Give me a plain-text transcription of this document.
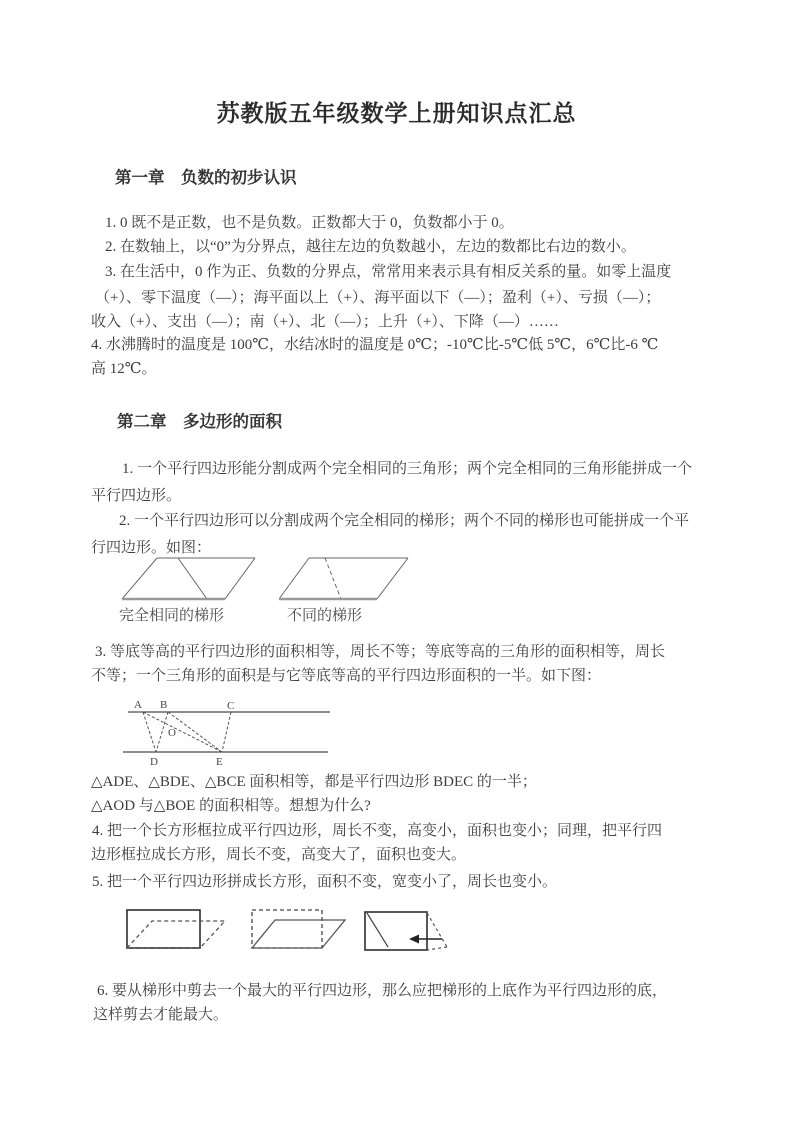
苏教版五年级数学上册知识点汇总
第一章　负数的初步认识
1. 0 既不是正数，也不是负数。正数都大于 0，负数都小于 0。
2. 在数轴上，以“0”为分界点，越往左边的负数越小，左边的数都比右边的数小。
3. 在生活中，0 作为正、负数的分界点，常常用来表示具有相反关系的量。如零上温度
（+）、零下温度（—）；海平面以上（+）、海平面以下（—）；盈利（+）、亏损（—）；
收入（+）、支出（—）；南（+）、北（—）；上升（+）、下降（—）……
4. 水沸腾时的温度是 100℃，水结冰时的温度是 0℃；-10℃比-5℃低 5℃，6℃比-6 ℃
高 12℃。
第二章　多边形的面积
1. 一个平行四边形能分割成两个完全相同的三角形；两个完全相同的三角形能拼成一个
平行四边形。
2. 一个平行四边形可以分割成两个完全相同的梯形；两个不同的梯形也可能拼成一个平
行四边形。如图：
完全相同的梯形	不同的梯形
3. 等底等高的平行四边形的面积相等，周长不等；等底等高的三角形的面积相等，周长
不等；一个三角形的面积是与它等底等高的平行四边形面积的一半。如下图：
A B	C
D	E
O
△ADE、△BDE、△BCE 面积相等，都是平行四边形 BDEC 的一半；
△AOD 与△BOE 的面积相等。想想为什么?
4. 把一个长方形框拉成平行四边形，周长不变，高变小，面积也变小；同理，把平行四
边形框拉成长方形，周长不变，高变大了，面积也变大。
5. 把一个平行四边形拼成长方形，面积不变，宽变小了，周长也变小。
6. 要从梯形中剪去一个最大的平行四边形，那么应把梯形的上底作为平行四边形的底，
这样剪去才能最大。
